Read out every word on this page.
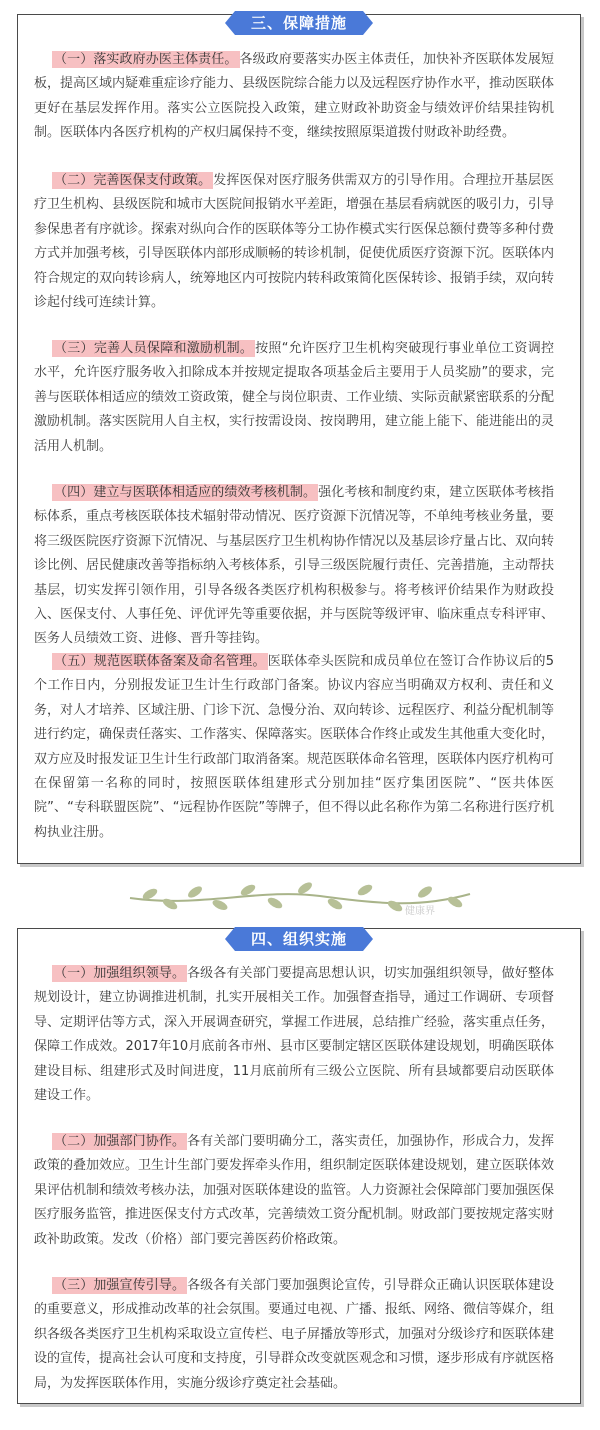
三、保障措施

（一）落实政府办医主体责任。 各级政府要落实办医主体责任，加快补齐医联体发展短板，提高区域内疑难重症诊疗能力、县级医院综合能力以及远程医疗协作水平，推动医联体更好在基层发挥作用。落实公立医院投入政策，建立财政补助资金与绩效评价结果挂钩机制。医联体内各医疗机构的产权归属保持不变，继续按照原渠道拨付财政补助经费。

（二）完善医保支付政策。 发挥医保对医疗服务供需双方的引导作用。合理拉开基层医疗卫生机构、县级医院和城市大医院间报销水平差距，增强在基层看病就医的吸引力，引导参保患者有序就诊。探索对纵向合作的医联体等分工协作模式实行医保总额付费等多种付费方式并加强考核，引导医联体内部形成顺畅的转诊机制，促使优质医疗资源下沉。医联体内符合规定的双向转诊病人，统筹地区内可按院内转科政策简化医保转诊、报销手续，双向转诊起付线可连续计算。

（三）完善人员保障和激励机制。 按照“允许医疗卫生机构突破现行事业单位工资调控水平，允许医疗服务收入扣除成本并按规定提取各项基金后主要用于人员奖励”的要求，完善与医联体相适应的绩效工资政策，健全与岗位职责、工作业绩、实际贡献紧密联系的分配激励机制。落实医院用人自主权，实行按需设岗、按岗聘用，建立能上能下、能进能出的灵活用人机制。

（四）建立与医联体相适应的绩效考核机制。 强化考核和制度约束，建立医联体考核指标体系，重点考核医联体技术辐射带动情况、医疗资源下沉情况等，不单纯考核业务量，要将三级医院医疗资源下沉情况、与基层医疗卫生机构协作情况以及基层诊疗量占比、双向转诊比例、居民健康改善等指标纳入考核体系，引导三级医院履行责任、完善措施，主动帮扶基层，切实发挥引领作用，引导各级各类医疗机构积极参与。将考核评价结果作为财政投入、医保支付、人事任免、评优评先等重要依据，并与医院等级评审、临床重点专科评审、医务人员绩效工资、进修、晋升等挂钩。

（五）规范医联体备案及命名管理。 医联体牵头医院和成员单位在签订合作协议后的5个工作日内，分别报发证卫生计生行政部门备案。协议内容应当明确双方权利、责任和义务，对人才培养、区域注册、门诊下沉、急慢分治、双向转诊、远程医疗、利益分配机制等进行约定，确保责任落实、工作落实、保障落实。医联体合作终止或发生其他重大变化时，双方应及时报发证卫生计生行政部门取消备案。规范医联体命名管理，医联体内医疗机构可在保留第一名称的同时，按照医联体组建形式分别加挂“医疗集团医院”、“医共体医院”、“专科联盟医院”、“远程协作医院”等牌子，但不得以此名称作为第二名称进行医疗机构执业注册。

健康界
四、组织实施

（一）加强组织领导。 各级各有关部门要提高思想认识，切实加强组织领导，做好整体规划设计，建立协调推进机制，扎实开展相关工作。加强督查指导，通过工作调研、专项督导、定期评估等方式，深入开展调查研究，掌握工作进展，总结推广经验，落实重点任务，保障工作成效。2017年10月底前各市州、县市区要制定辖区医联体建设规划，明确医联体建设目标、组建形式及时间进度，11月底前所有三级公立医院、所有县域都要启动医联体建设工作。

（二）加强部门协作。 各有关部门要明确分工，落实责任，加强协作，形成合力，发挥政策的叠加效应。卫生计生部门要发挥牵头作用，组织制定医联体建设规划，建立医联体效果评估机制和绩效考核办法，加强对医联体建设的监管。人力资源社会保障部门要加强医保医疗服务监管，推进医保支付方式改革，完善绩效工资分配机制。财政部门要按规定落实财政补助政策。发改（价格）部门要完善医药价格政策。

（三）加强宣传引导。 各级各有关部门要加强舆论宣传，引导群众正确认识医联体建设的重要意义，形成推动改革的社会氛围。要通过电视、广播、报纸、网络、微信等媒介，组织各级各类医疗卫生机构采取设立宣传栏、电子屏播放等形式，加强对分级诊疗和医联体建设的宣传，提高社会认可度和支持度，引导群众改变就医观念和习惯，逐步形成有序就医格局，为发挥医联体作用，实施分级诊疗奠定社会基础。
